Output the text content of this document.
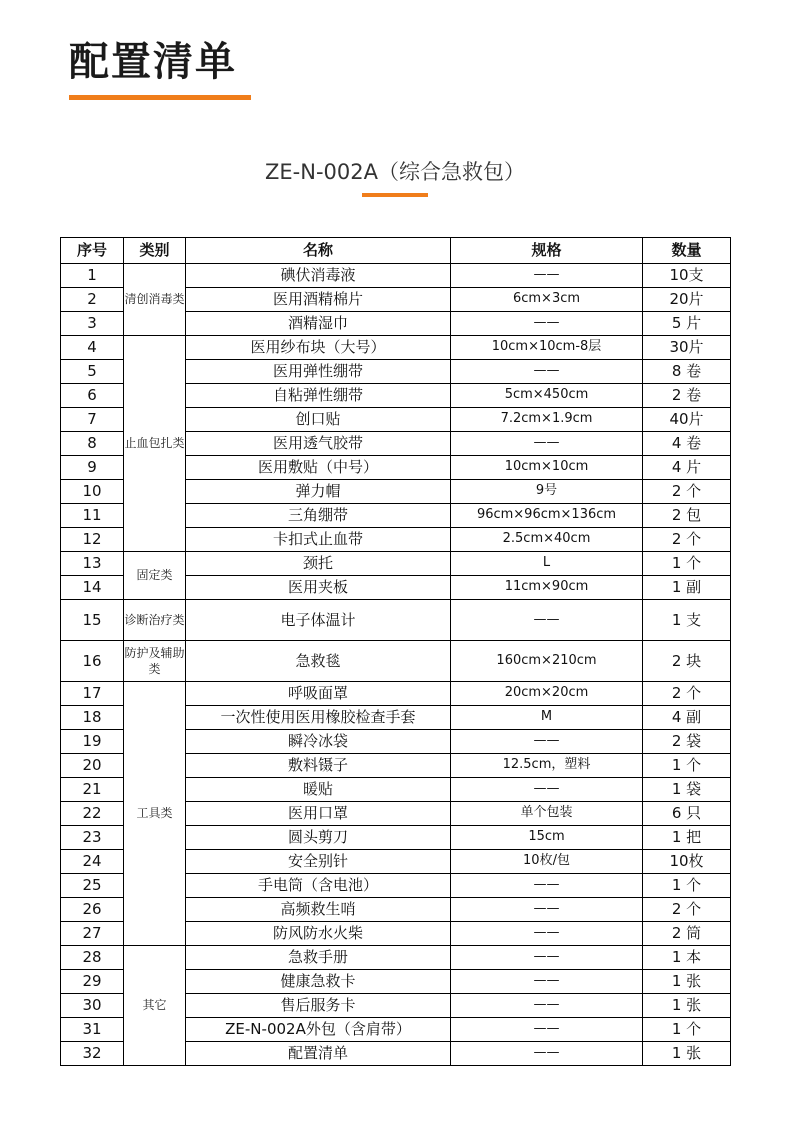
配置清单
ZE-N-002A（综合急救包）
序号	类别	名称	规格	数量
1	清创消毒类	碘伏消毒液	——	10支
2		医用酒精棉片	6cm×3cm	20片
3		酒精湿巾	——	5 片
4	止血包扎类	医用纱布块（大号）	10cm×10cm-8层	30片
5		医用弹性绷带	——	8 卷
6		自粘弹性绷带	5cm×450cm	2 卷
7		创口贴	7.2cm×1.9cm	40片
8		医用透气胶带	——	4 卷
9		医用敷贴（中号）	10cm×10cm	4 片
10		弹力帽	9号	2 个
11		三角绷带	96cm×96cm×136cm	2 包
12		卡扣式止血带	2.5cm×40cm	2 个
13	固定类	颈托	L	1 个
14		医用夹板	11cm×90cm	1 副
15	诊断治疗类	电子体温计	——	1 支
16	防护及辅助类	急救毯	160cm×210cm	2 块
17	工具类	呼吸面罩	20cm×20cm	2 个
18		一次性使用医用橡胶检查手套	M	4 副
19		瞬冷冰袋	——	2 袋
20		敷料镊子	12.5cm，塑料	1 个
21		暖贴	——	1 袋
22		医用口罩	单个包装	6 只
23		圆头剪刀	15cm	1 把
24		安全别针	10枚/包	10枚
25		手电筒（含电池）	——	1 个
26		高频救生哨	——	2 个
27		防风防水火柴	——	2 筒
28	其它	急救手册	——	1 本
29		健康急救卡	——	1 张
30		售后服务卡	——	1 张
31		ZE-N-002A外包（含肩带）	——	1 个
32		配置清单	——	1 张
